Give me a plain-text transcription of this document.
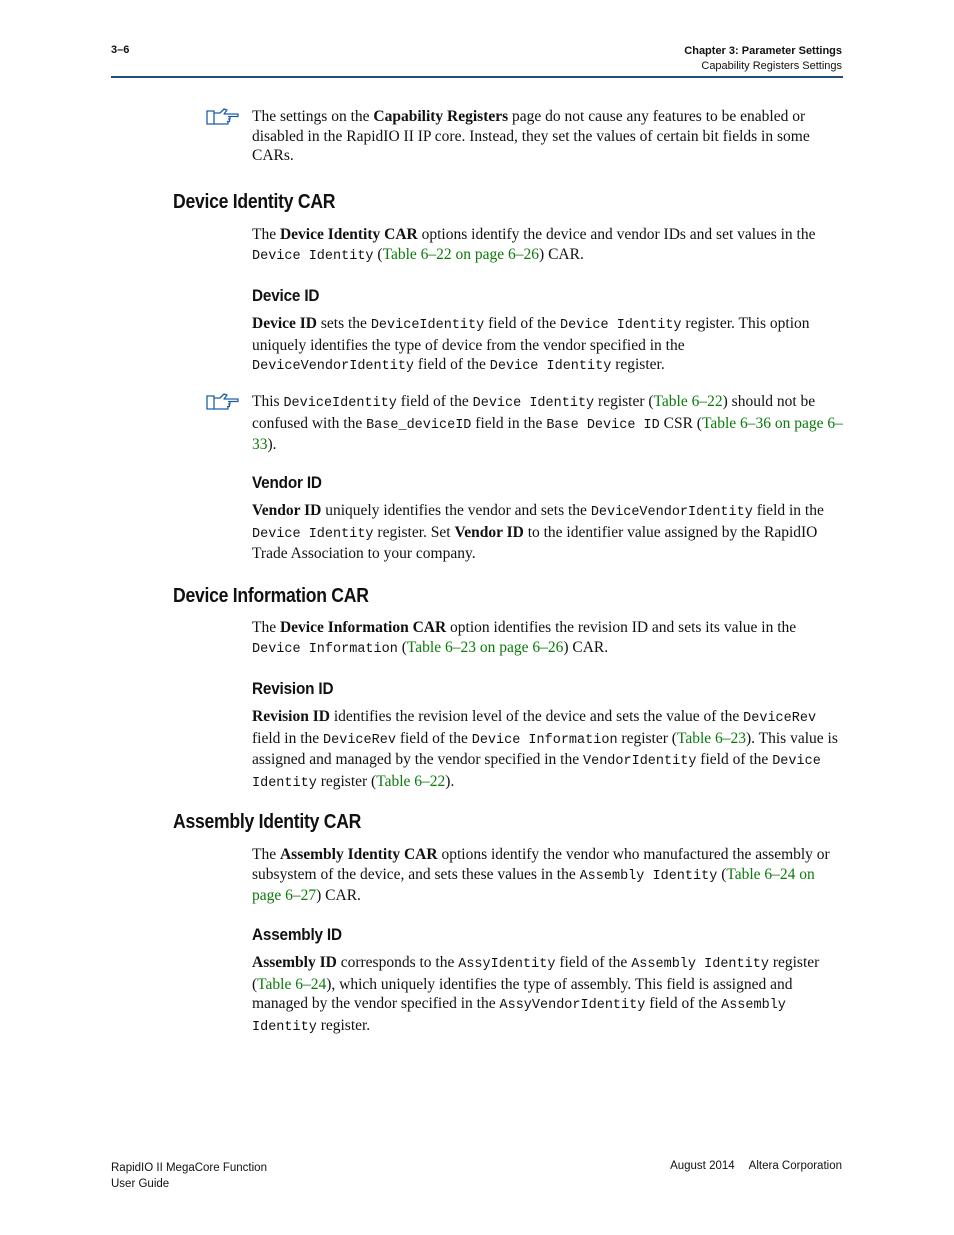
3–6	Chapter 3: Parameter Settings
Capability Registers Settings

The settings on the Capability Registers page do not cause any features to be enabled or disabled in the RapidIO II IP core. Instead, they set the values of certain bit fields in some CARs.

Device Identity CAR

The Device Identity CAR options identify the device and vendor IDs and set values in the Device Identity (Table 6–22 on page 6–26) CAR.

Device ID

Device ID sets the DeviceIdentity field of the Device Identity register. This option uniquely identifies the type of device from the vendor specified in the DeviceVendorIdentity field of the Device Identity register.

This DeviceIdentity field of the Device Identity register (Table 6–22) should not be confused with the Base_deviceID field in the Base Device ID CSR (Table 6–36 on page 6–33).

Vendor ID

Vendor ID uniquely identifies the vendor and sets the DeviceVendorIdentity field in the Device Identity register. Set Vendor ID to the identifier value assigned by the RapidIO Trade Association to your company.

Device Information CAR

The Device Information CAR option identifies the revision ID and sets its value in the Device Information (Table 6–23 on page 6–26) CAR.

Revision ID

Revision ID identifies the revision level of the device and sets the value of the DeviceRev field in the DeviceRev field of the Device Information register (Table 6–23). This value is assigned and managed by the vendor specified in the VendorIdentity field of the Device Identity register (Table 6–22).

Assembly Identity CAR

The Assembly Identity CAR options identify the vendor who manufactured the assembly or subsystem of the device, and sets these values in the Assembly Identity (Table 6–24 on page 6–27) CAR.

Assembly ID

Assembly ID corresponds to the AssyIdentity field of the Assembly Identity register (Table 6–24), which uniquely identifies the type of assembly. This field is assigned and managed by the vendor specified in the AssyVendorIdentity field of the Assembly Identity register.

RapidIO II MegaCore Function
User Guide
August 2014 Altera Corporation
